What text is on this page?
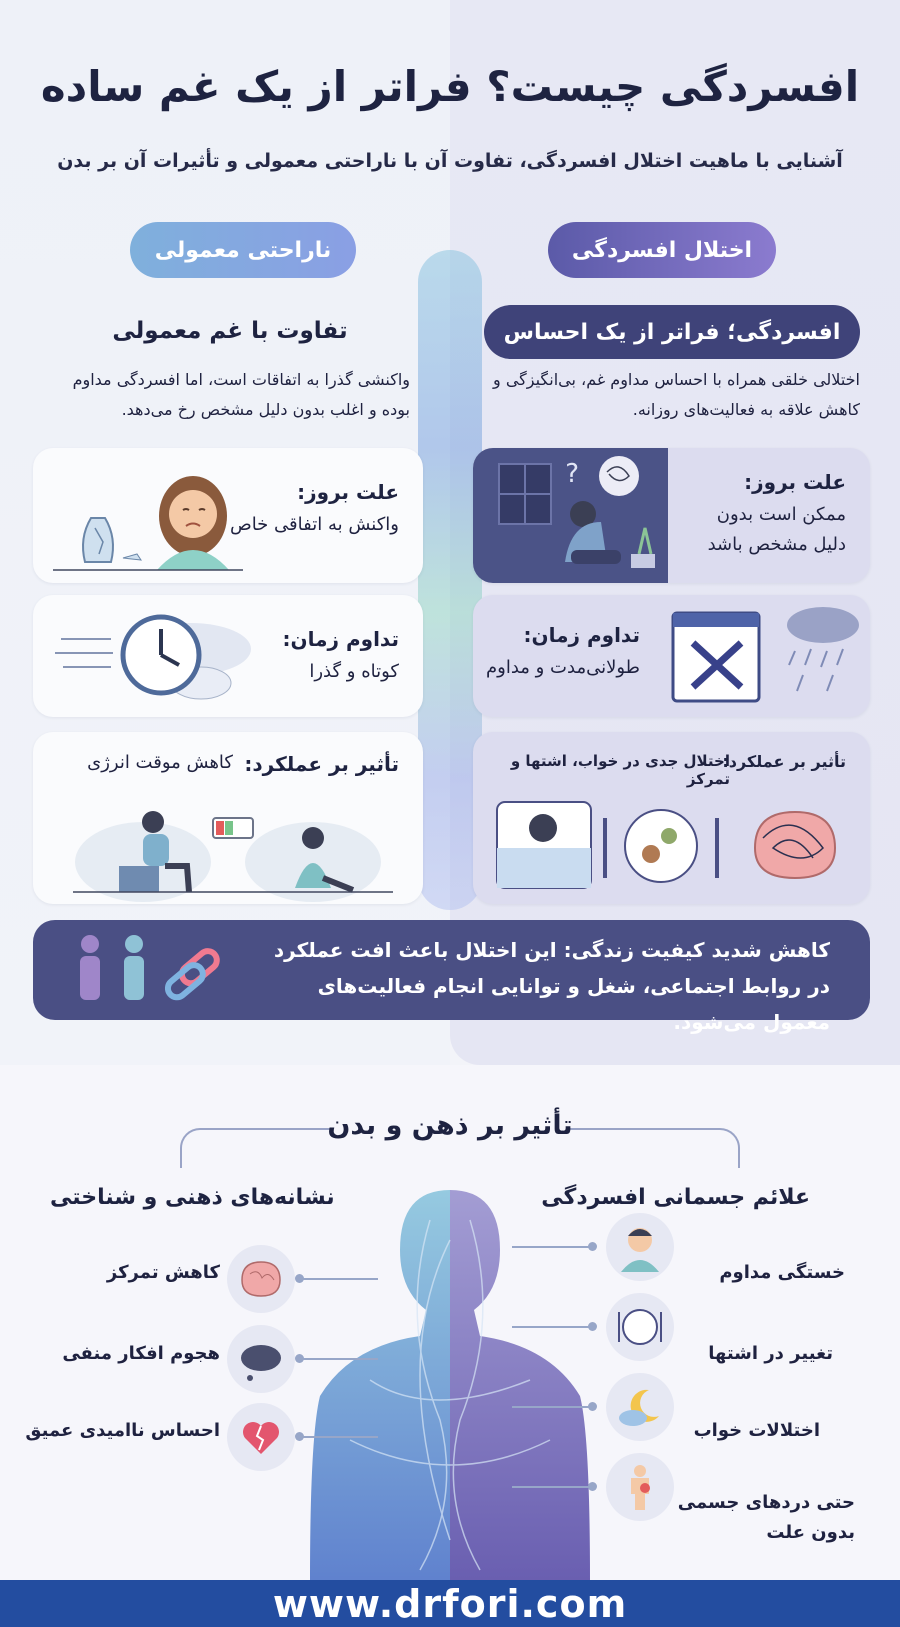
افسردگی چیست؟ فراتر از یک غم ساده
آشنایی با ماهیت اختلال افسردگی، تفاوت آن با ناراحتی معمولی و تأثیرات آن بر بدن
ناراحتی معمولی	اختلال افسردگی
افسردگی؛ فراتر از یک احساس
تفاوت با غم معمولی
واکنشی گذرا به اتفاقات است، اما افسردگی مداوم بوده و اغلب بدون دلیل مشخص رخ می‌دهد.
اختلالی خلقی همراه با احساس مداوم غم، بی‌انگیزگی و کاهش علاقه به فعالیت‌های روزانه.
علت بروز:
واکنش به اتفاقی خاص
تداوم زمان:
کوتاه و گذرا
تأثیر بر عملکرد:
کاهش موقت انرژی
علت بروز:
ممکن است بدون دلیل مشخص باشد
?
تداوم زمان:
طولانی‌مدت و مداوم
تأثیر بر عملکرد:
اختلال جدی در خواب، اشتها و تمرکز
کاهش شدید کیفیت زندگی: این اختلال باعث افت عملکرد در روابط اجتماعی، شغل و توانایی انجام فعالیت‌های معمول می‌شود.
تأثیر بر ذهن و بدن
علائم جسمانی افسردگی
نشانه‌های ذهنی و شناختی
خستگی مداوم
تغییر در اشتها
اختلالات خواب
حتی دردهای جسمی بدون علت
کاهش تمرکز
هجوم افکار منفی
احساس ناامیدی عمیق
www.drfori.com
